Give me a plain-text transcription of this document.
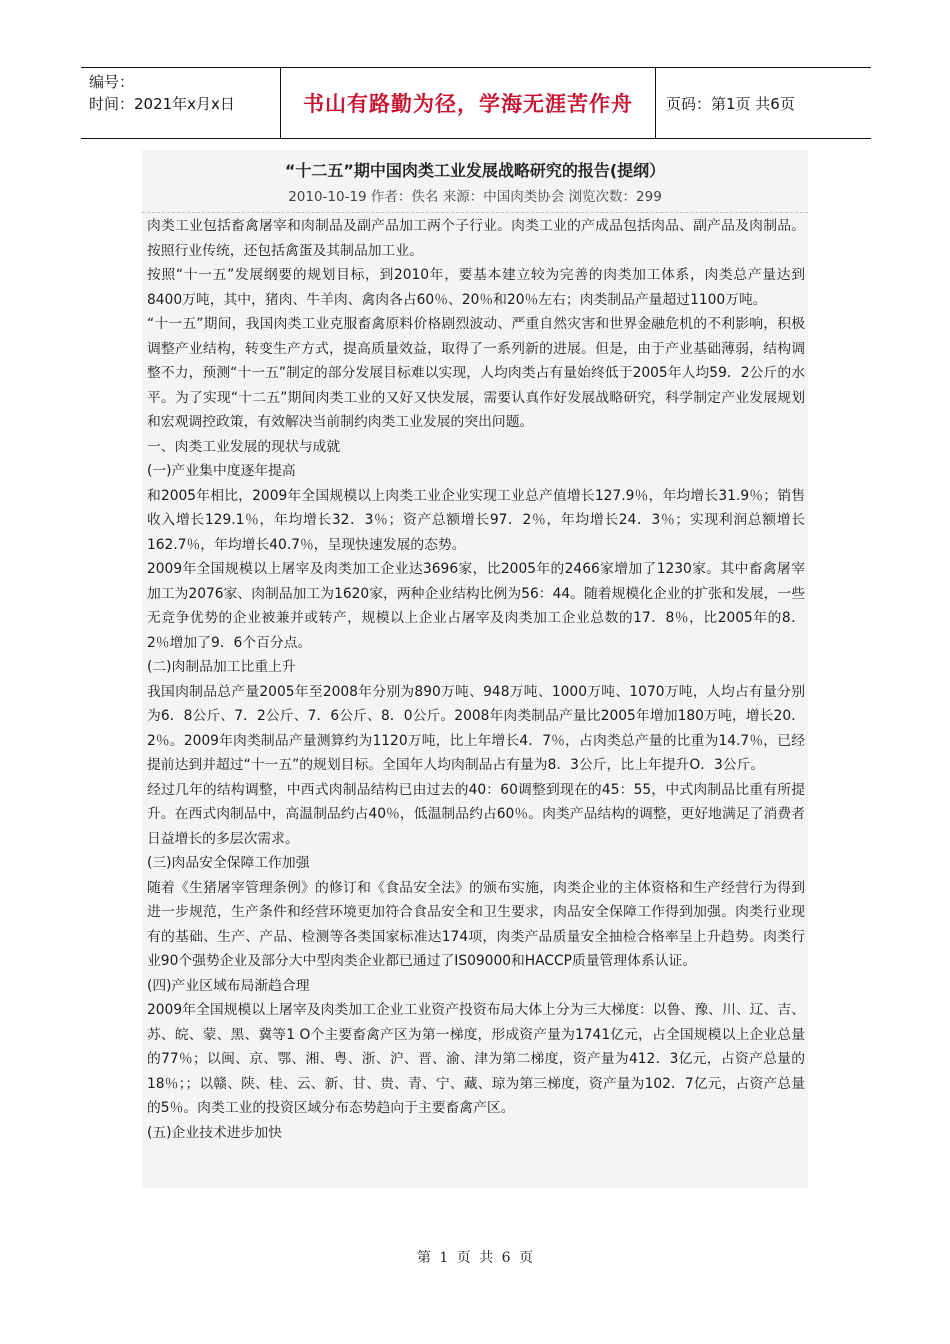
编号：
时间：2021年x月x日	书山有路勤为径，学海无涯苦作舟 页码：第1页 共6页
“十二五”期中国肉类工业发展战略研究的报告(提纲）
2010-10-19 作者：佚名 来源：中国肉类协会 浏览次数：299

肉类工业包括畜禽屠宰和肉制品及副产品加工两个子行业。肉类工业的产成品包括肉品、副产品及肉制品。按照行业传统，还包括禽蛋及其制品加工业。

按照“十一五”发展纲要的规划目标，到2010年，要基本建立较为完善的肉类加工体系，肉类总产量达到8400万吨，其中，猪肉、牛羊肉、禽肉各占60％、20％和20％左右；肉类制品产量超过1100万吨。

“十一五”期间，我国肉类工业克服畜禽原料价格剧烈波动、严重自然灾害和世界金融危机的不利影响，积极调整产业结构，转变生产方式，提高质量效益，取得了一系列新的进展。但是，由于产业基础薄弱，结构调整不力，预测“十一五”制定的部分发展目标难以实现，人均肉类占有量始终低于2005年人均59．2公斤的水平。为了实现“十二五”期间肉类工业的又好又快发展，需要认真作好发展战略研究，科学制定产业发展规划和宏观调控政策，有效解决当前制约肉类工业发展的突出问题。

一、肉类工业发展的现状与成就

(一)产业集中度逐年提高

和2005年相比，2009年全国规模以上肉类工业企业实现工业总产值增长127.9％，年均增长31.9％；销售收入增长129.1％，年均增长32．3％；资产总额增长97．2％，年均增长24．3％；实现利润总额增长162.7％，年均增长40.7％，呈现快速发展的态势。

2009年全国规模以上屠宰及肉类加工企业达3696家，比2005年的2466家增加了1230家。其中畜禽屠宰加工为2076家、肉制品加工为1620家，两种企业结构比例为56：44。随着规模化企业的扩张和发展，一些无竞争优势的企业被兼并或转产，规模以上企业占屠宰及肉类加工企业总数的17．8％，比2005年的8．2％增加了9．6个百分点。

(二)肉制品加工比重上升

我国肉制品总产量2005年至2008年分别为890万吨、948万吨、1000万吨、1070万吨，人均占有量分别为6．8公斤、7．2公斤、7．6公斤、8．0公斤。2008年肉类制品产量比2005年增加180万吨，增长20．2％。2009年肉类制品产量测算约为1120万吨，比上年增长4．7％，占肉类总产量的比重为14.7％，已经提前达到并超过“十一五”的规划目标。全国年人均肉制品占有量为8．3公斤，比上年提升O．3公斤。

经过几年的结构调整，中西式肉制品结构已由过去的40：60调整到现在的45：55，中式肉制品比重有所提升。在西式肉制品中，高温制品约占40％，低温制品约占60％。肉类产品结构的调整，更好地满足了消费者日益增长的多层次需求。

(三)肉品安全保障工作加强

随着《生猪屠宰管理条例》的修订和《食品安全法》的颁布实施，肉类企业的主体资格和生产经营行为得到进一步规范，生产条件和经营环境更加符合食品安全和卫生要求，肉品安全保障工作得到加强。肉类行业现有的基础、生产、产品、检测等各类国家标准达174项，肉类产品质量安全抽检合格率呈上升趋势。肉类行业90个强势企业及部分大中型肉类企业都已通过了IS09000和HACCP质量管理体系认证。

(四)产业区域布局渐趋合理

2009年全国规模以上屠宰及肉类加工企业工业资产投资布局大体上分为三大梯度：以鲁、豫、川、辽、吉、苏、皖、蒙、黑、冀等1 O个主要畜禽产区为第一梯度，形成资产量为1741亿元，占全国规模以上企业总量的77％；以闽、京、鄂、湘、粤、浙、沪、晋、渝、津为第二梯度，资产量为412．3亿元，占资产总量的18％；；以赣、陕、桂、云、新、甘、贵、青、宁、藏、琼为第三梯度，资产量为102．7亿元，占资产总量的5％。肉类工业的投资区域分布态势趋向于主要畜禽产区。

(五)企业技术进步加快

第 1 页 共 6 页
